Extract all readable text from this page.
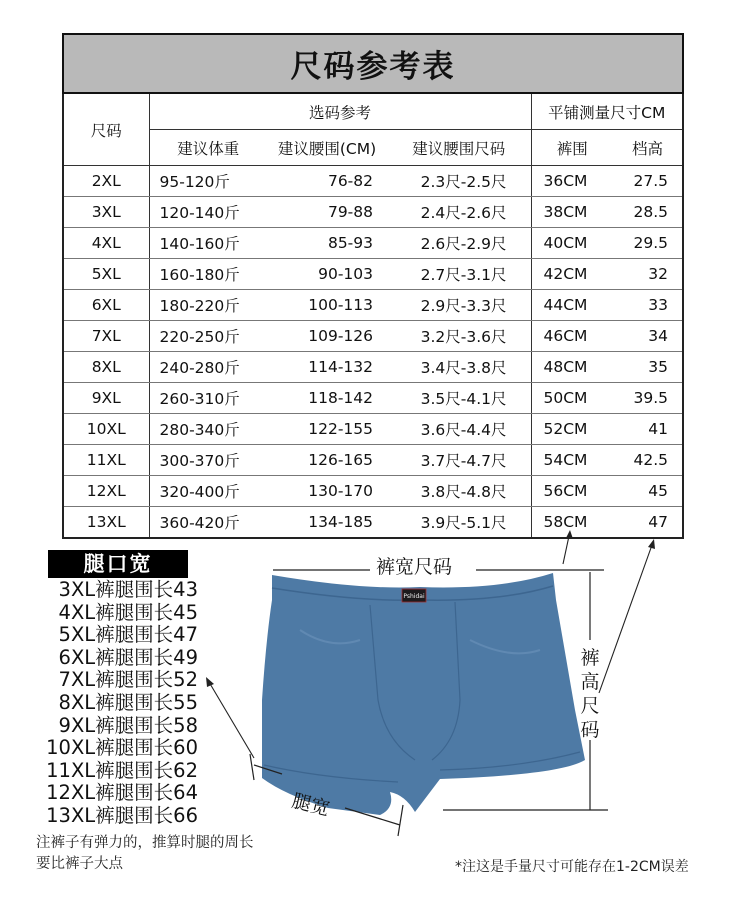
尺码参考表					
尺码	选码参考			平铺测量尺寸CM	
	建议体重	建议腰围(CM)	建议腰围尺码	裤围	档高
2XL	95-120斤	76-82	2.3尺-2.5尺	36CM	27.5
3XL	120-140斤	79-88	2.4尺-2.6尺	38CM	28.5
4XL	140-160斤	85-93	2.6尺-2.9尺	40CM	29.5
5XL	160-180斤	90-103	2.7尺-3.1尺	42CM	32
6XL	180-220斤	100-113	2.9尺-3.3尺	44CM	33
7XL	220-250斤	109-126	3.2尺-3.6尺	46CM	34
8XL	240-280斤	114-132	3.4尺-3.8尺	48CM	35
9XL	260-310斤	118-142	3.5尺-4.1尺	50CM	39.5
10XL	280-340斤	122-155	3.6尺-4.4尺	52CM	41
11XL	300-370斤	126-165	3.7尺-4.7尺	54CM	42.5
12XL	320-400斤	130-170	3.8尺-4.8尺	56CM	45
13XL	360-420斤	134-185	3.9尺-5.1尺	58CM	47
腿口宽
3XL裤腿围长43
4XL裤腿围长45
5XL裤腿围长47
6XL裤腿围长49
7XL裤腿围长52
8XL裤腿围长55
9XL裤腿围长58
10XL裤腿围长60
11XL裤腿围长62
12XL裤腿围长64
13XL裤腿围长66
注裤子有弹力的，推算时腿的周长
要比裤子大点
Pshidai
裤宽尺码
裤
高
尺
码
腿宽
*注这是手量尺寸可能存在1-2CM误差
